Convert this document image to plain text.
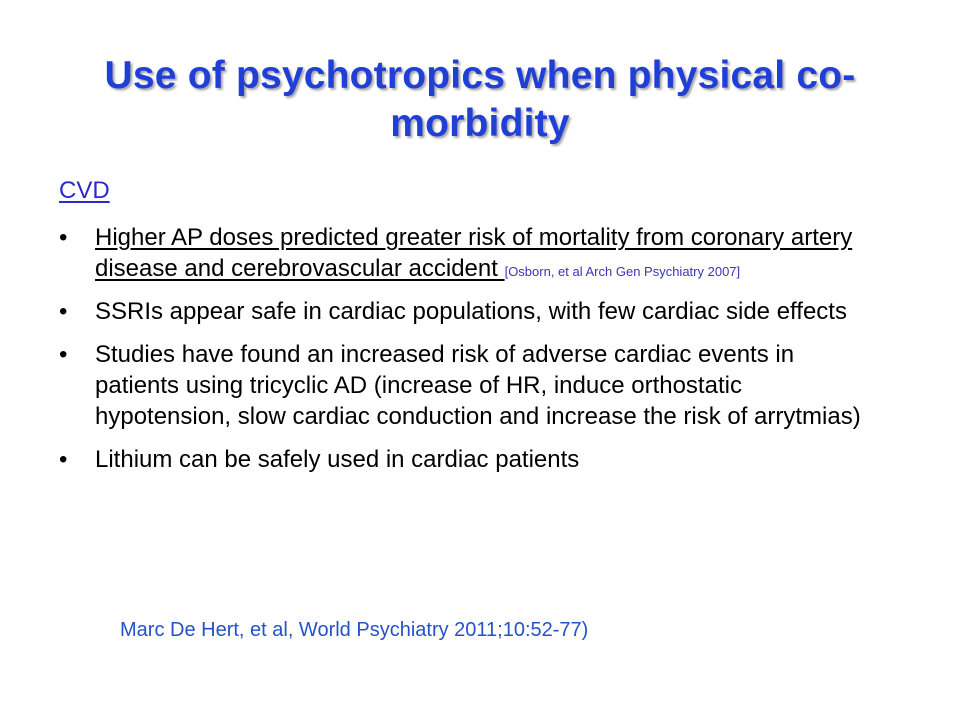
Use of psychotropics when physical co-
morbidity
CVD
•	Higher AP doses predicted greater risk of mortality from coronary artery disease and cerebrovascular accident [Osborn, et al Arch Gen Psychiatry 2007]
•	SSRIs appear safe in cardiac populations, with few cardiac side effects
•	Studies have found an increased risk of adverse cardiac events in patients using tricyclic AD (increase of HR, induce orthostatic hypotension, slow cardiac conduction and increase the risk of arrytmias)
•	Lithium can be safely used in cardiac patients
Marc De Hert, et al, World Psychiatry 2011;10:52-77)
